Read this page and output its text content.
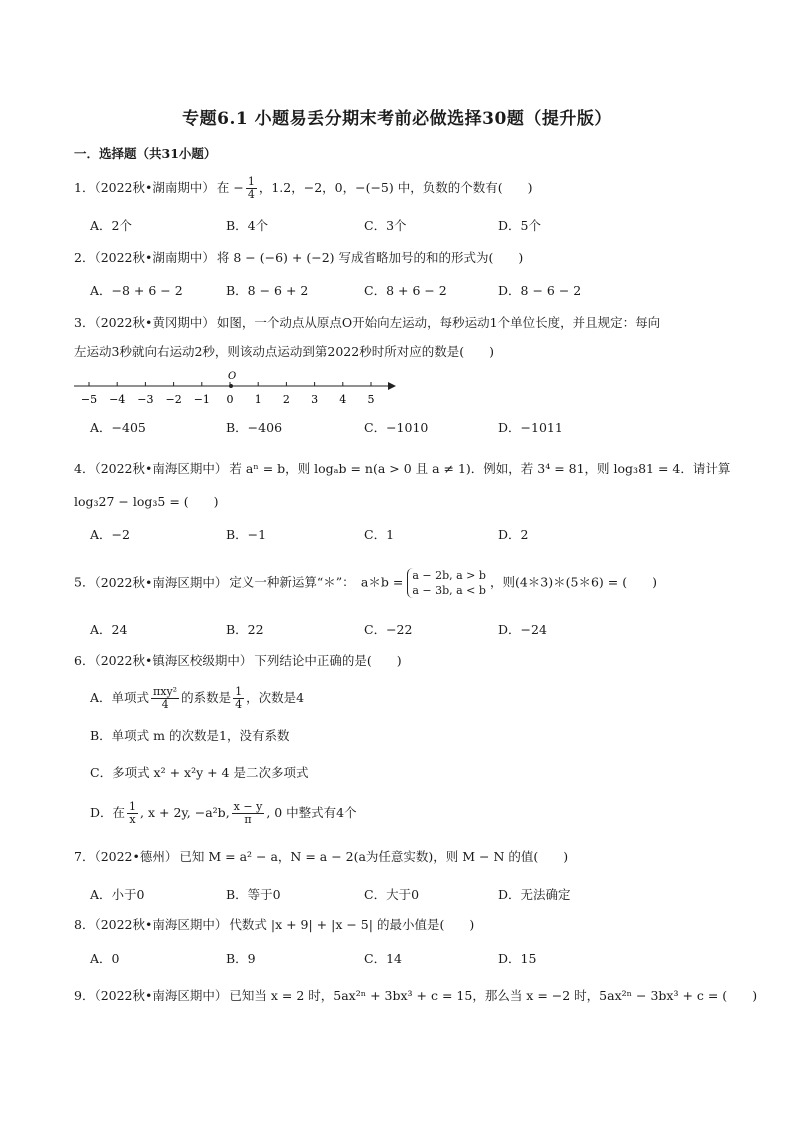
专题6.1 小题易丢分期末考前必做选择30题（提升版）
一．选择题（共31小题）
1．（2022秋•湖南期中） 在 − $\frac{1}{4}$ ，1.2，−2，0，−(−5) 中，负数的个数有(　　)
A．2个	B．4个	C．3个	D．5个
2．（2022秋•湖南期中） 将 8 − (−6) + (−2) 写成省略加号的和的形式为(　　)
A．−8 + 6 − 2	B．8 − 6 + 2	C．8 + 6 − 2	D．8 − 6 − 2
3．（2022秋•黄冈期中） 如图，一个动点从原点O开始向左运动，每秒运动1个单位长度，并且规定：每向
左运动3秒就向右运动2秒，则该动点运动到第2022秒时所对应的数是(　　)
−5 −4 −3 −2 −1 0 1 2 3 4 5
O
A．−405	B．−406	C．−1010	D．−1011
4．（2022秋•南海区期中） 若 aⁿ = b，则 logₐb = n(a > 0 且 a ≠ 1)．例如，若 3⁴ = 81，则 log₃81 = 4．请计算
log₃27 − log₃5 = (　　)
A．−2	B．−1	C．1	D．2
5．（2022秋•南海区期中） 定义一种新运算“＊”：　a＊b = a − 2b, a > b
a − 3b, a < b
，则(4＊3)＊(5＊6) = (　　)
A．24	B．22	C．−22	D．−24
6．（2022秋•镇海区校级期中） 下列结论中正确的是(　　)
A．单项式 $\frac{\text{πxy²}}{4}$ 的系数是 $\frac{1}{4}$ ，次数是4
B．单项式 m 的次数是1，没有系数
C．多项式 x² + x²y + 4 是二次多项式
D．在 $\frac{1}{x}$ , x + 2y, −a²b, $\frac{x - y}{\pi}$ , 0 中整式有4个
7．（2022•德州） 已知 M = a² − a，N = a − 2(a为任意实数)，则 M − N 的值(　　)
A．小于0	B．等于0	C．大于0	D．无法确定
8．（2022秋•南海区期中） 代数式 |x + 9| + |x − 5| 的最小值是(　　)
A．0	B．9	C．14	D．15
9．（2022秋•南海区期中） 已知当 x = 2 时，5ax²ⁿ + 3bx³ + c = 15，那么当 x = −2 时，5ax²ⁿ − 3bx³ + c = (　　)
